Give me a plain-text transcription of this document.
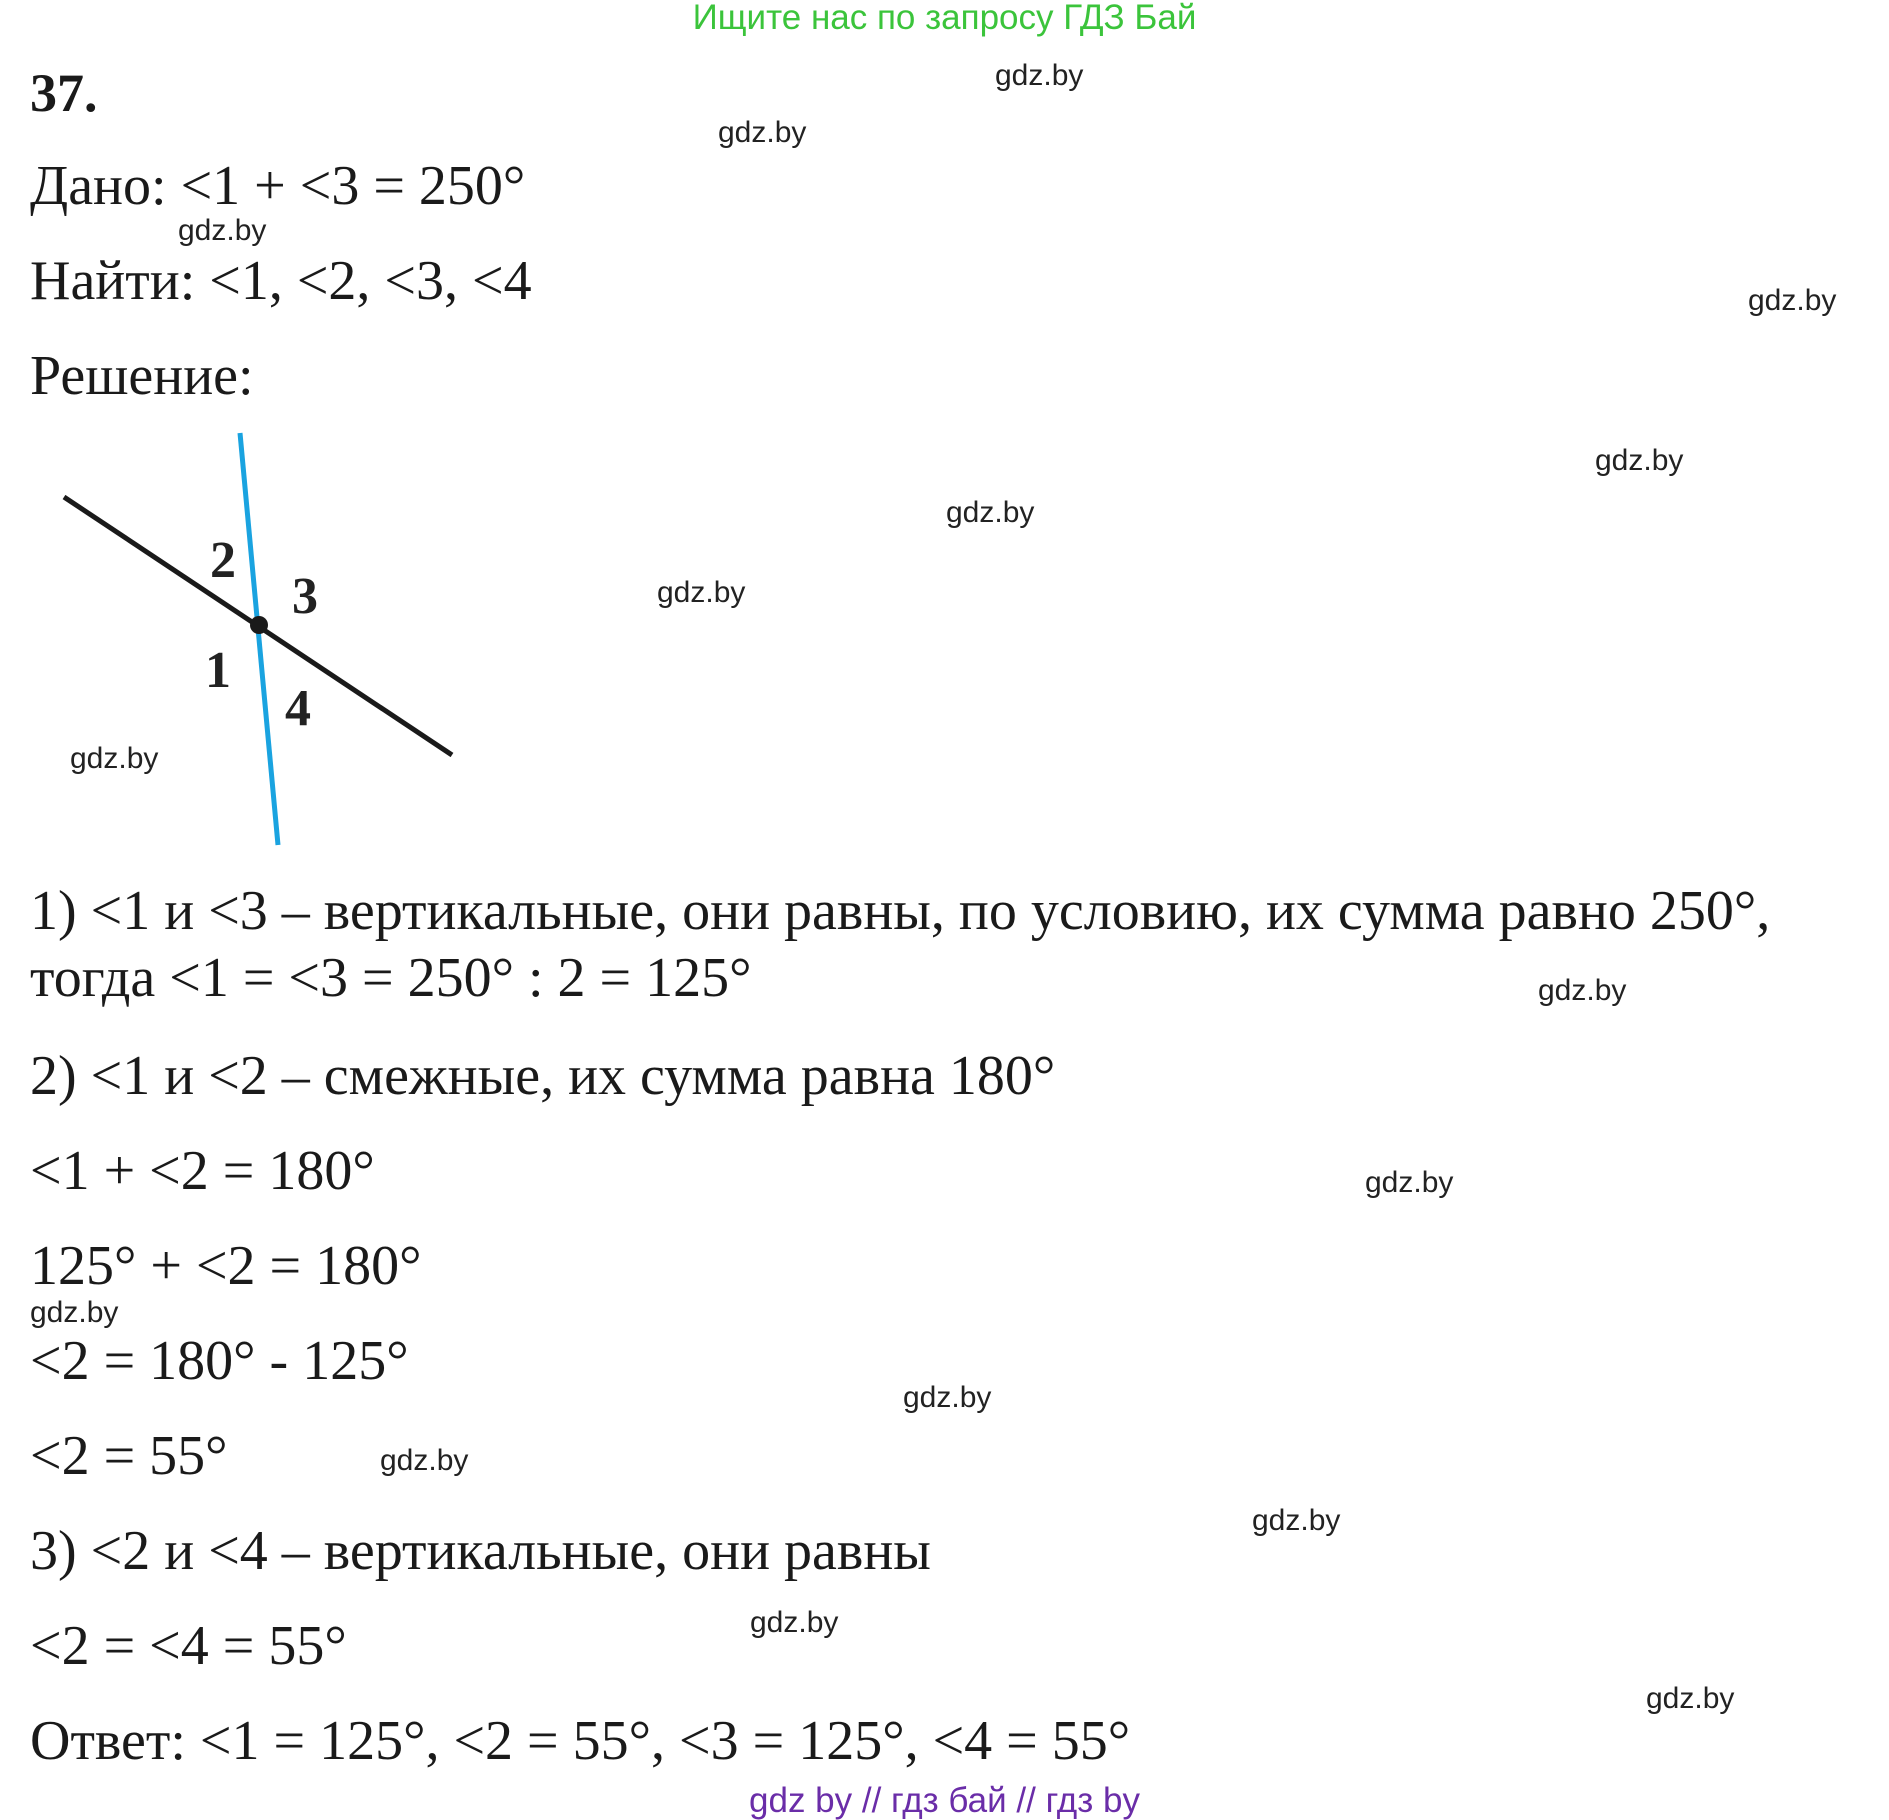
Ищите нас по запросу ГДЗ Бай
37.
Дано: <1 + <3 = 250°
Найти: <1, <2, <3, <4
Решение:
1
2
3
4
1) <1 и <3 – вертикальные, они равны, по условию, их сумма равно 250°,
тогда <1 = <3 = 250° : 2 = 125°
2) <1 и <2 – смежные, их сумма равна 180°
<1 + <2 = 180°
125° + <2 = 180°
<2 = 180° - 125°
<2 = 55°
3) <2 и <4 – вертикальные, они равны
<2 = <4 = 55°
Ответ: <1 = 125°, <2 = 55°, <3 = 125°, <4 = 55°
gdz.by
gdz.by
gdz.by
gdz.by
gdz.by
gdz.by
gdz.by
gdz.by
gdz.by
gdz.by
gdz.by
gdz.by
gdz.by
gdz.by
gdz.by
gdz.by
gdz by // гдз бай // гдз by
